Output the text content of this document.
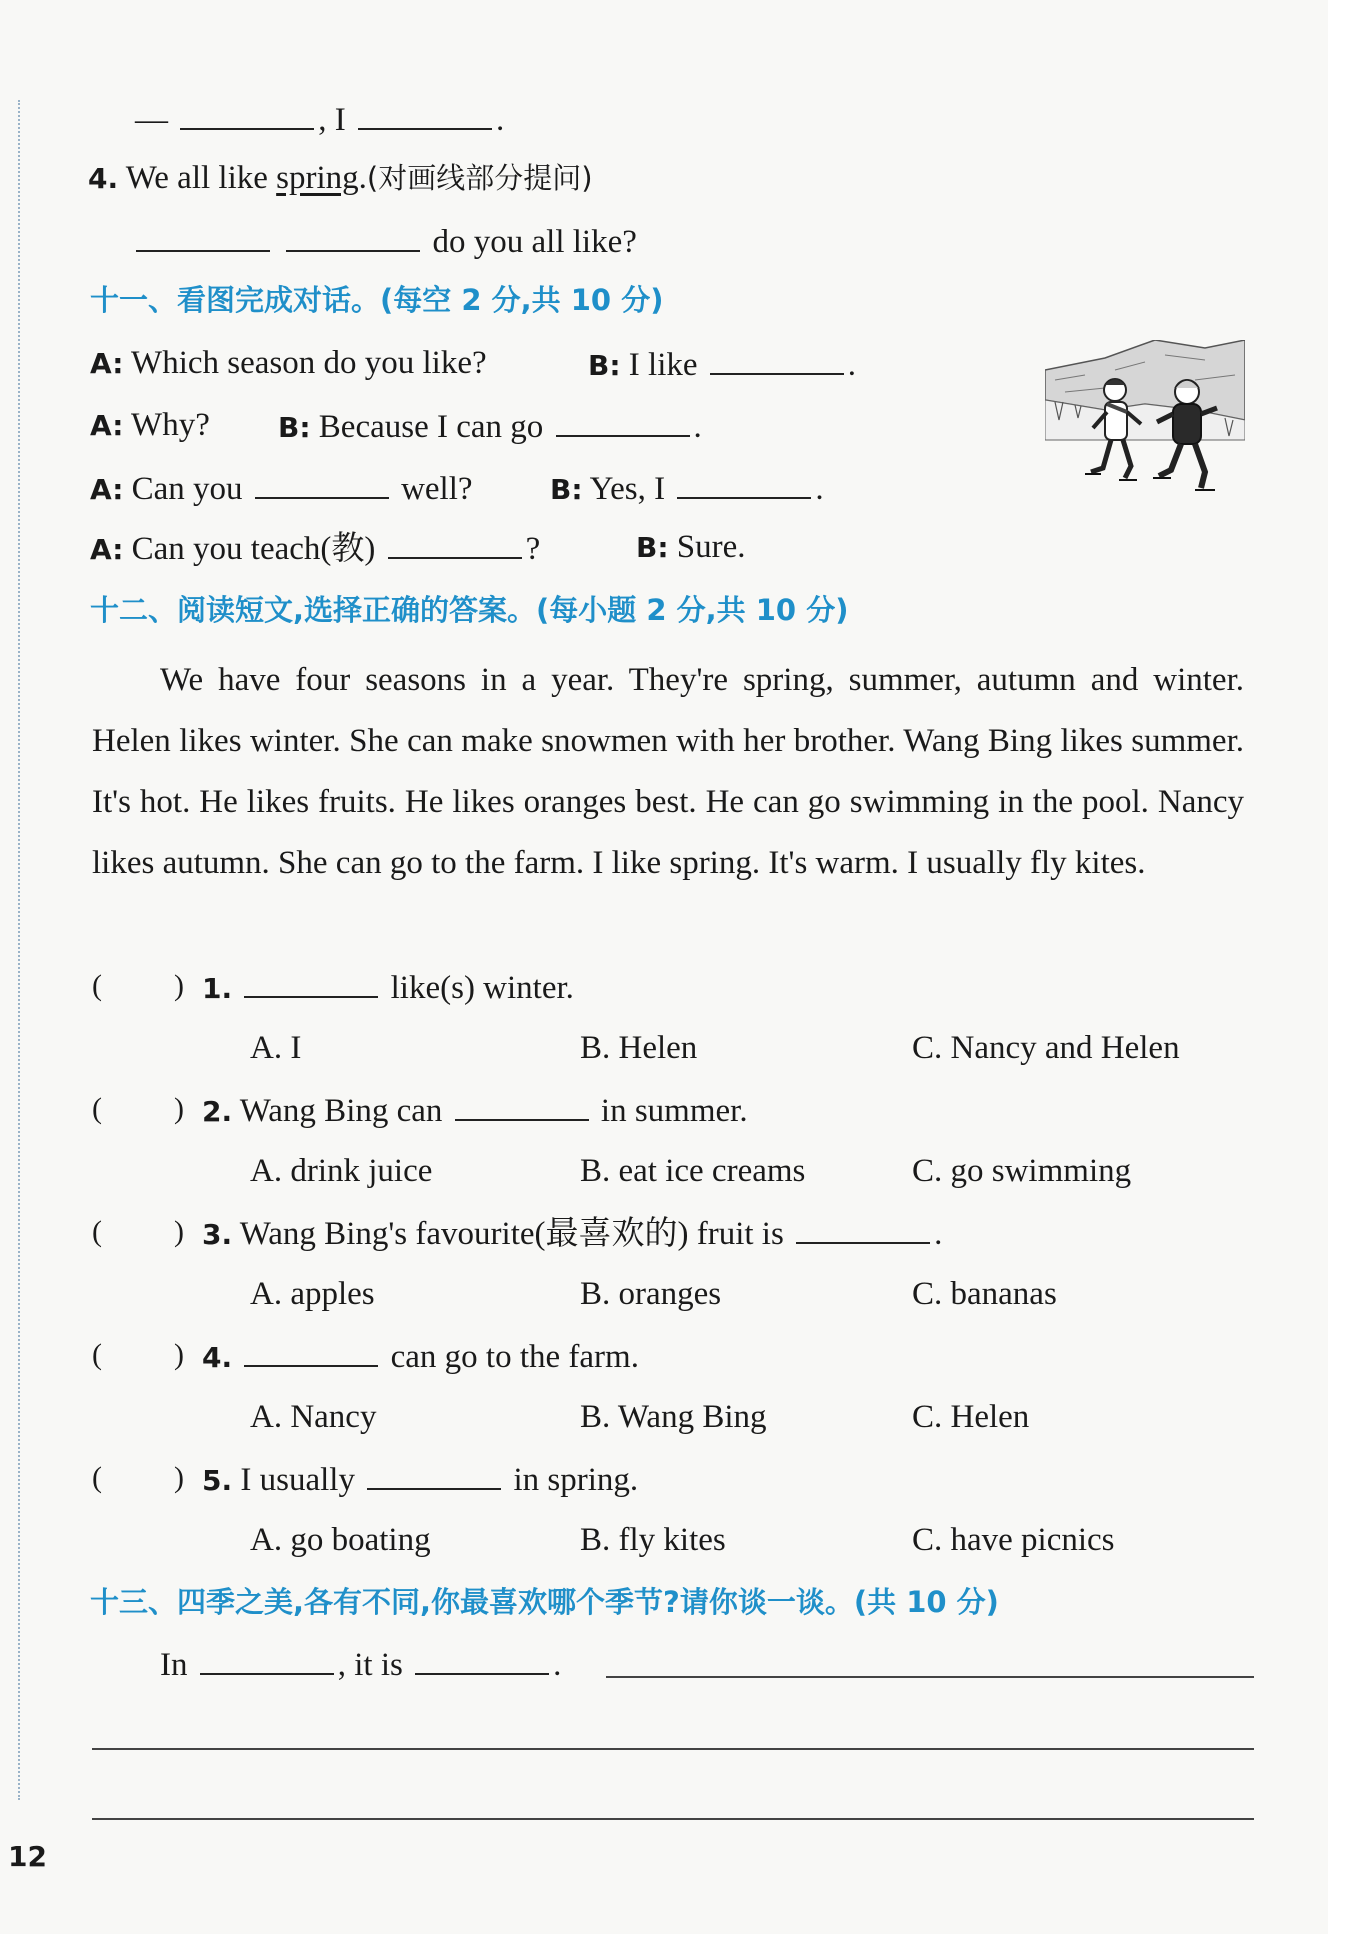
—	, I	.
4. We all like spring.(对画线部分提问)
do you all like?
十一、看图完成对话。(每空 2 分,共 10 分)
A: Which season do you like?	B: I like	.
A: Why? B: Because I can go	.
A: Can you	well?	B: Yes, I	.
A: Can you teach(教)	?	B: Sure.
十二、阅读短文,选择正确的答案。(每小题 2 分,共 10 分)

We have four seasons in a year. They're spring, summer, autumn and winter. Helen likes winter. She can make snowmen with her brother. Wang Bing likes summer. It's hot. He likes fruits. He likes oranges best. He can go swimming in the pool. Nancy likes autumn. She can go to the farm. I like spring. It's warm. I usually fly kites.

( ) 1.	like(s) winter.
A. I	B. Helen	C. Nancy and Helen
( ) 2. Wang Bing can	in summer.
A. drink juice	B. eat ice creams	C. go swimming
( ) 3. Wang Bing's favourite(最喜欢的) fruit is	.
A. apples	B. oranges	C. bananas
( ) 4.	can go to the farm.
A. Nancy	B. Wang Bing	C. Helen
( ) 5. I usually	in spring.
A. go boating	B. fly kites	C. have picnics
十三、四季之美,各有不同,你最喜欢哪个季节?请你谈一谈。(共 10 分)
In	, it is	.
12
